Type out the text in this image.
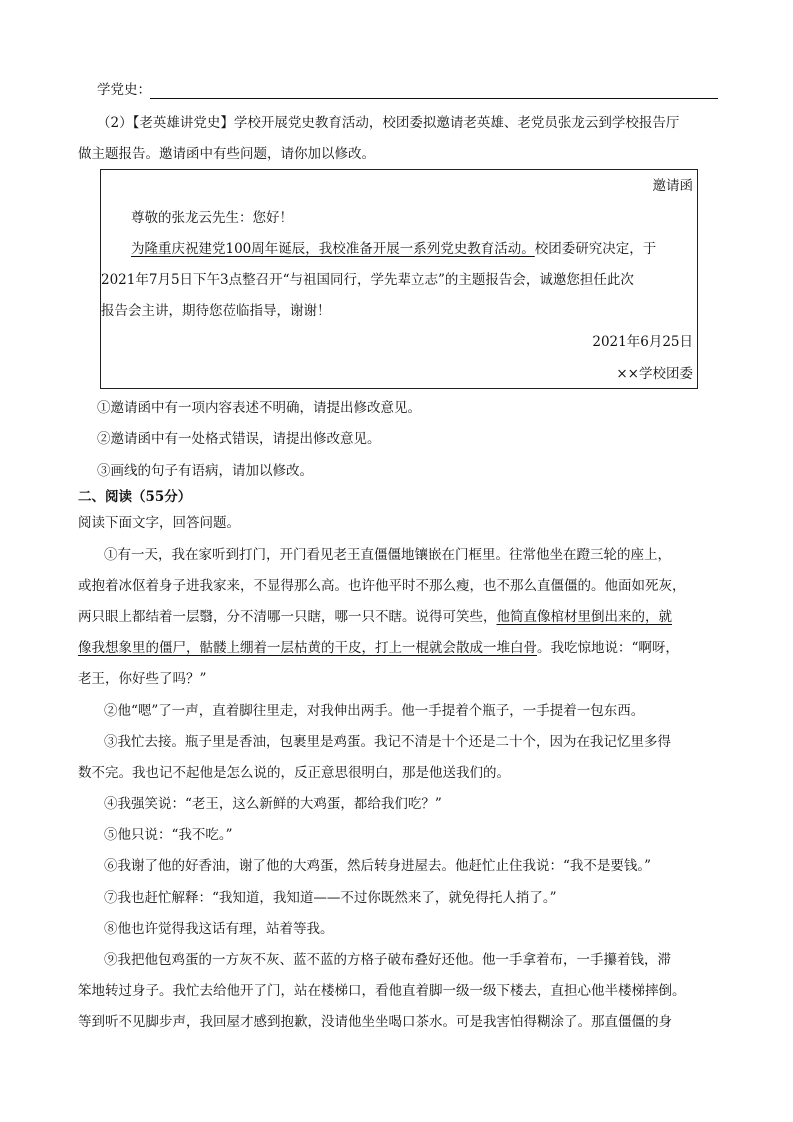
学党史：
（2）【老英雄讲党史】学校开展党史教育活动，校团委拟邀请老英雄、老党员张龙云到学校报告厅
做主题报告。邀请函中有些问题，请你加以修改。
邀请函
尊敬的张龙云先生：您好！
为隆重庆祝建党100周年诞辰，我校准备开展一系列党史教育活动。校团委研究决定，于
2021年7月5日下午3点整召开“与祖国同行，学先辈立志”的主题报告会，诚邀您担任此次
报告会主讲，期待您莅临指导，谢谢！
2021年6月25日
××学校团委
①邀请函中有一项内容表述不明确，请提出修改意见。
②邀请函中有一处格式错误，请提出修改意见。
③画线的句子有语病，请加以修改。
二、阅读（55分）
阅读下面文字，回答问题。
①有一天，我在家听到打门，开门看见老王直僵僵地镶嵌在门框里。往常他坐在蹬三轮的座上，
或抱着冰伛着身子进我家来，不显得那么高。也许他平时不那么瘦，也不那么直僵僵的。他面如死灰，
两只眼上都结着一层翳，分不清哪一只瞎，哪一只不瞎。说得可笑些，他简直像棺材里倒出来的，就
像我想象里的僵尸，骷髅上绷着一层枯黄的干皮，打上一棍就会散成一堆白骨。我吃惊地说：“啊呀，
老王，你好些了吗？”
②他“嗯”了一声，直着脚往里走，对我伸出两手。他一手提着个瓶子，一手提着一包东西。
③我忙去接。瓶子里是香油，包裹里是鸡蛋。我记不清是十个还是二十个，因为在我记忆里多得
数不完。我也记不起他是怎么说的，反正意思很明白，那是他送我们的。
④我强笑说：“老王，这么新鲜的大鸡蛋，都给我们吃？”
⑤他只说：“我不吃。”
⑥我谢了他的好香油，谢了他的大鸡蛋，然后转身进屋去。他赶忙止住我说：“我不是要钱。”
⑦我也赶忙解释：“我知道，我知道——不过你既然来了，就免得托人捎了。”
⑧他也许觉得我这话有理，站着等我。
⑨我把他包鸡蛋的一方灰不灰、蓝不蓝的方格子破布叠好还他。他一手拿着布，一手攥着钱，滞
笨地转过身子。我忙去给他开了门，站在楼梯口，看他直着脚一级一级下楼去，直担心他半楼梯摔倒。
等到听不见脚步声，我回屋才感到抱歉，没请他坐坐喝口茶水。可是我害怕得糊涂了。那直僵僵的身
